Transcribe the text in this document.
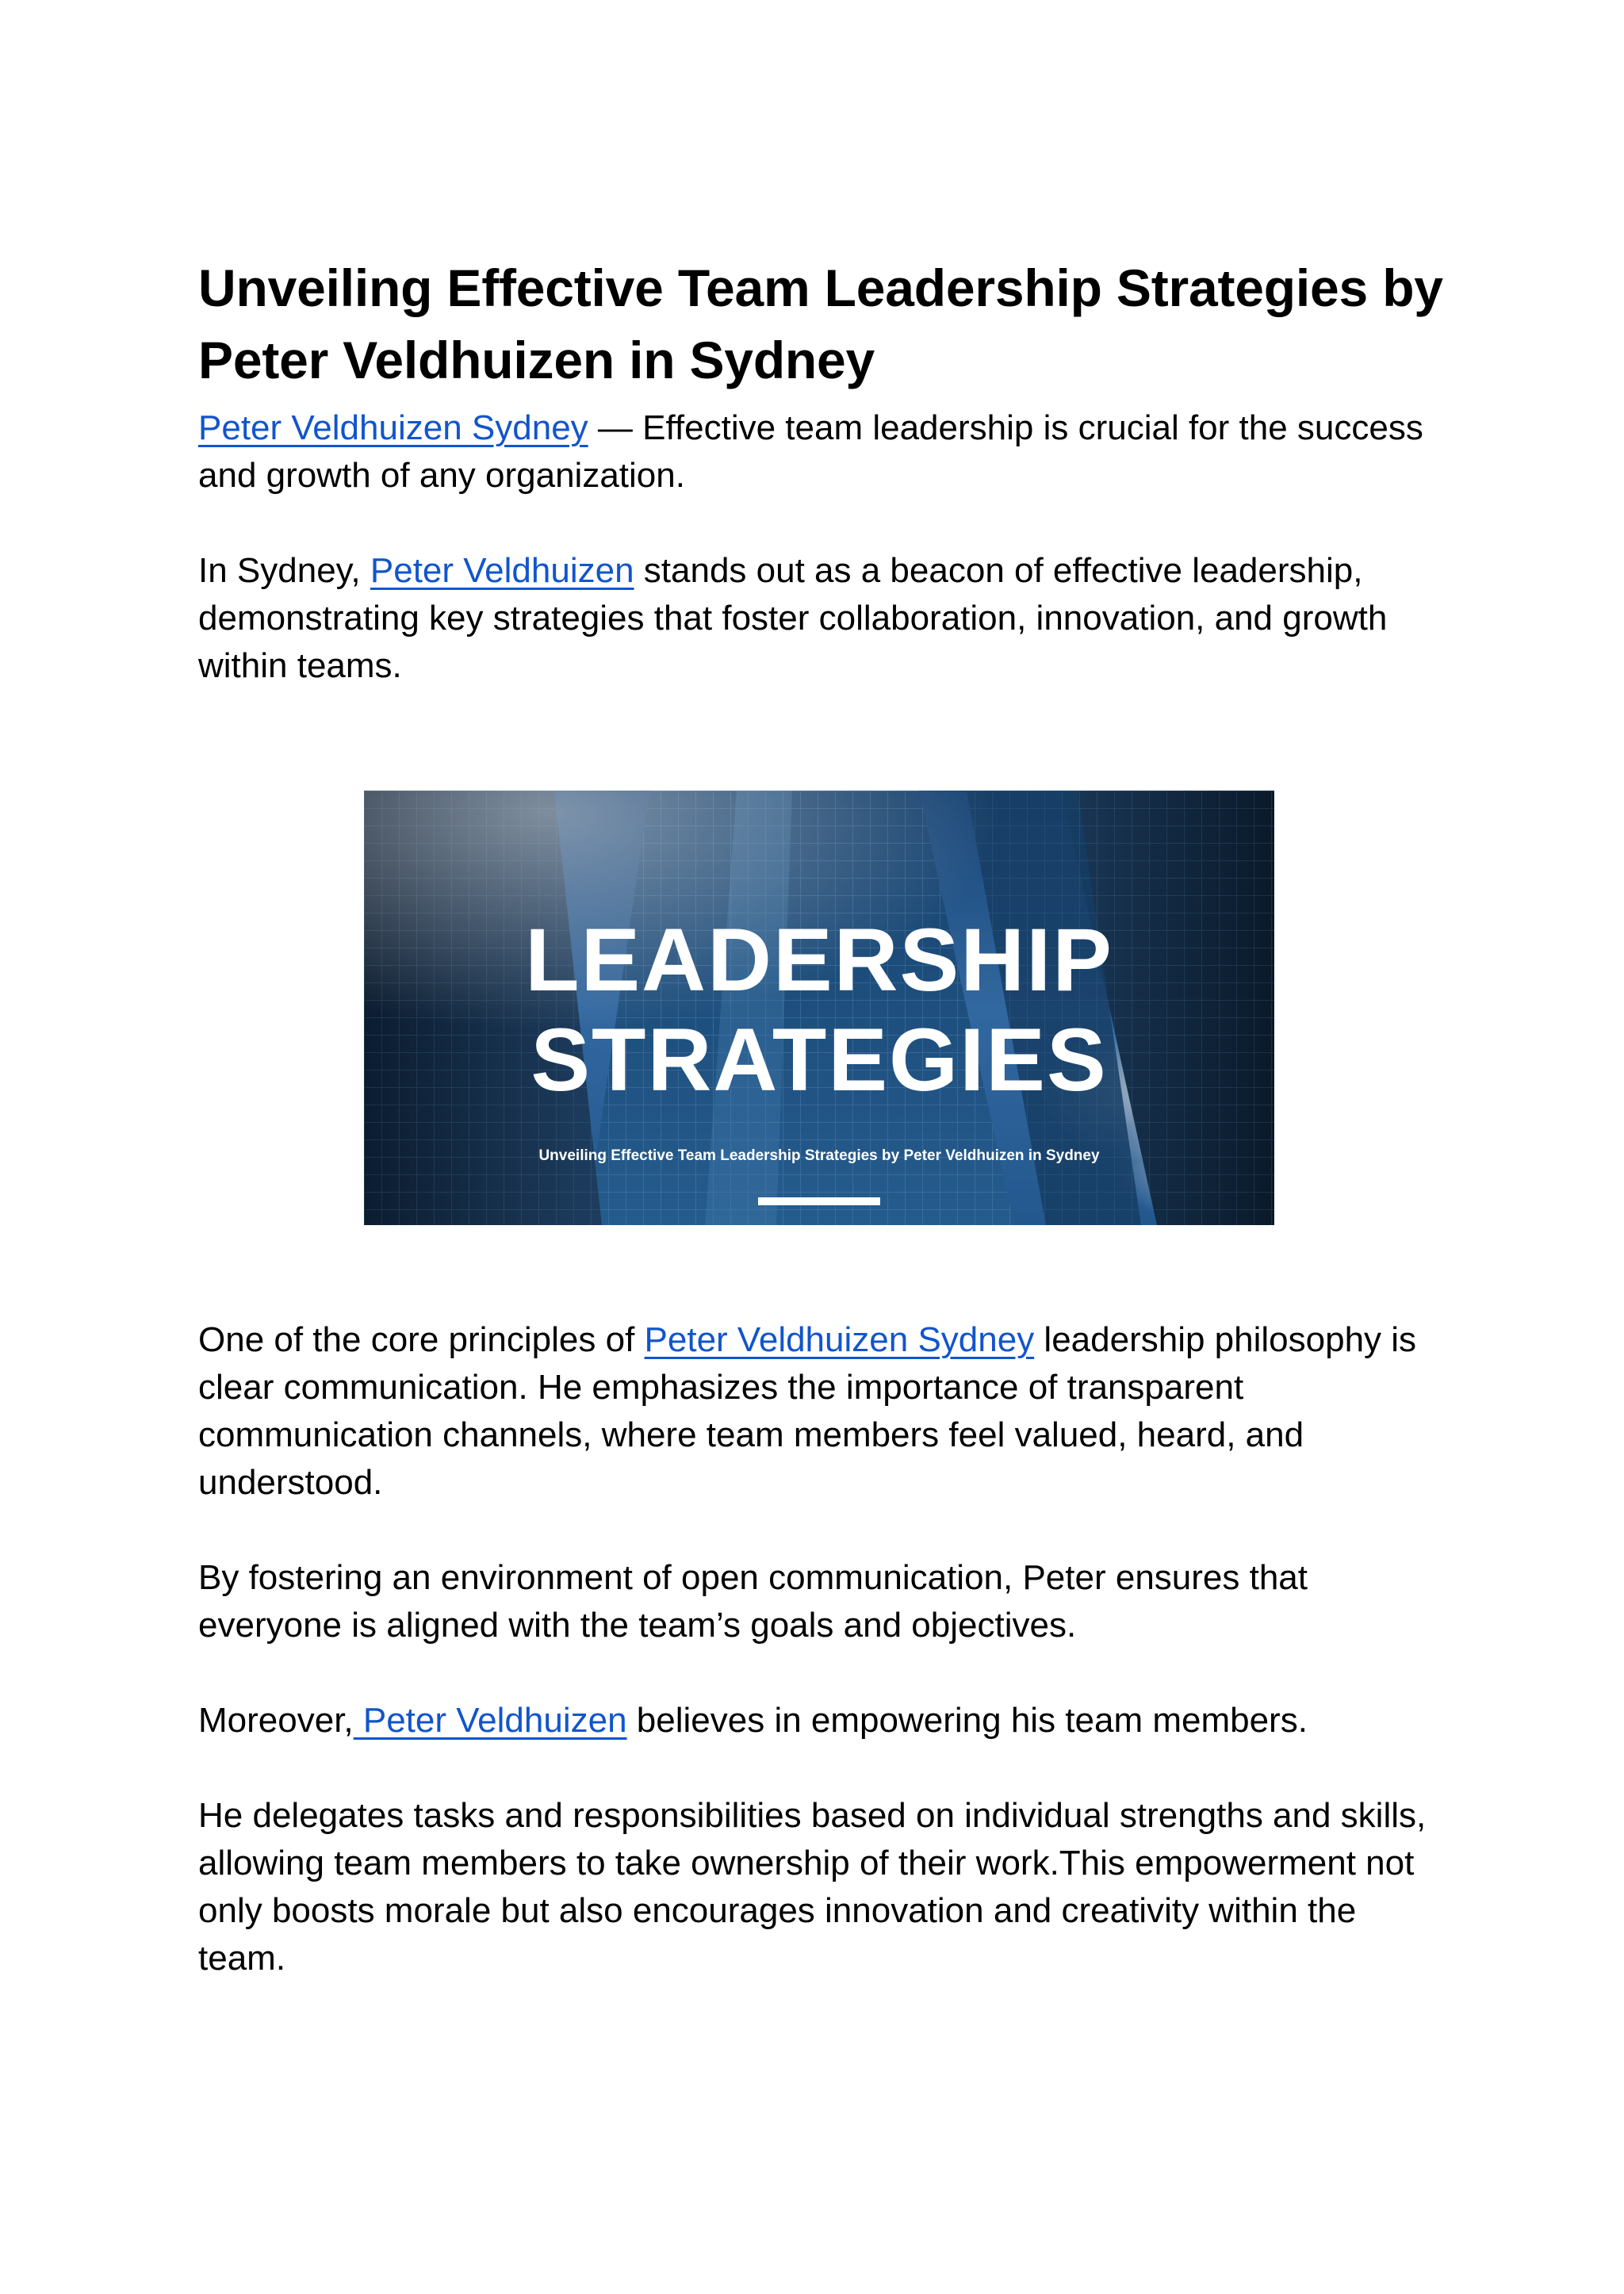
Unveiling Effective Team Leadership Strategies by Peter Veldhuizen in Sydney

Peter Veldhuizen Sydney — Effective team leadership is crucial for the success and growth of any organization.

In Sydney, Peter Veldhuizen stands out as a beacon of effective leadership, demonstrating key strategies that foster collaboration, innovation, and growth within teams.

One of the core principles of Peter Veldhuizen Sydney leadership philosophy is clear communication. He emphasizes the importance of transparent communication channels, where team members feel valued, heard, and understood.

By fostering an environment of open communication, Peter ensures that everyone is aligned with the team’s goals and objectives.

Moreover, Peter Veldhuizen believes in empowering his team members.

He delegates tasks and responsibilities based on individual strengths and skills, allowing team members to take ownership of their work.This empowerment not only boosts morale but also encourages innovation and creativity within the team.

LEADERSHIP
STRATEGIES
Unveiling Effective Team Leadership Strategies by Peter Veldhuizen in Sydney
